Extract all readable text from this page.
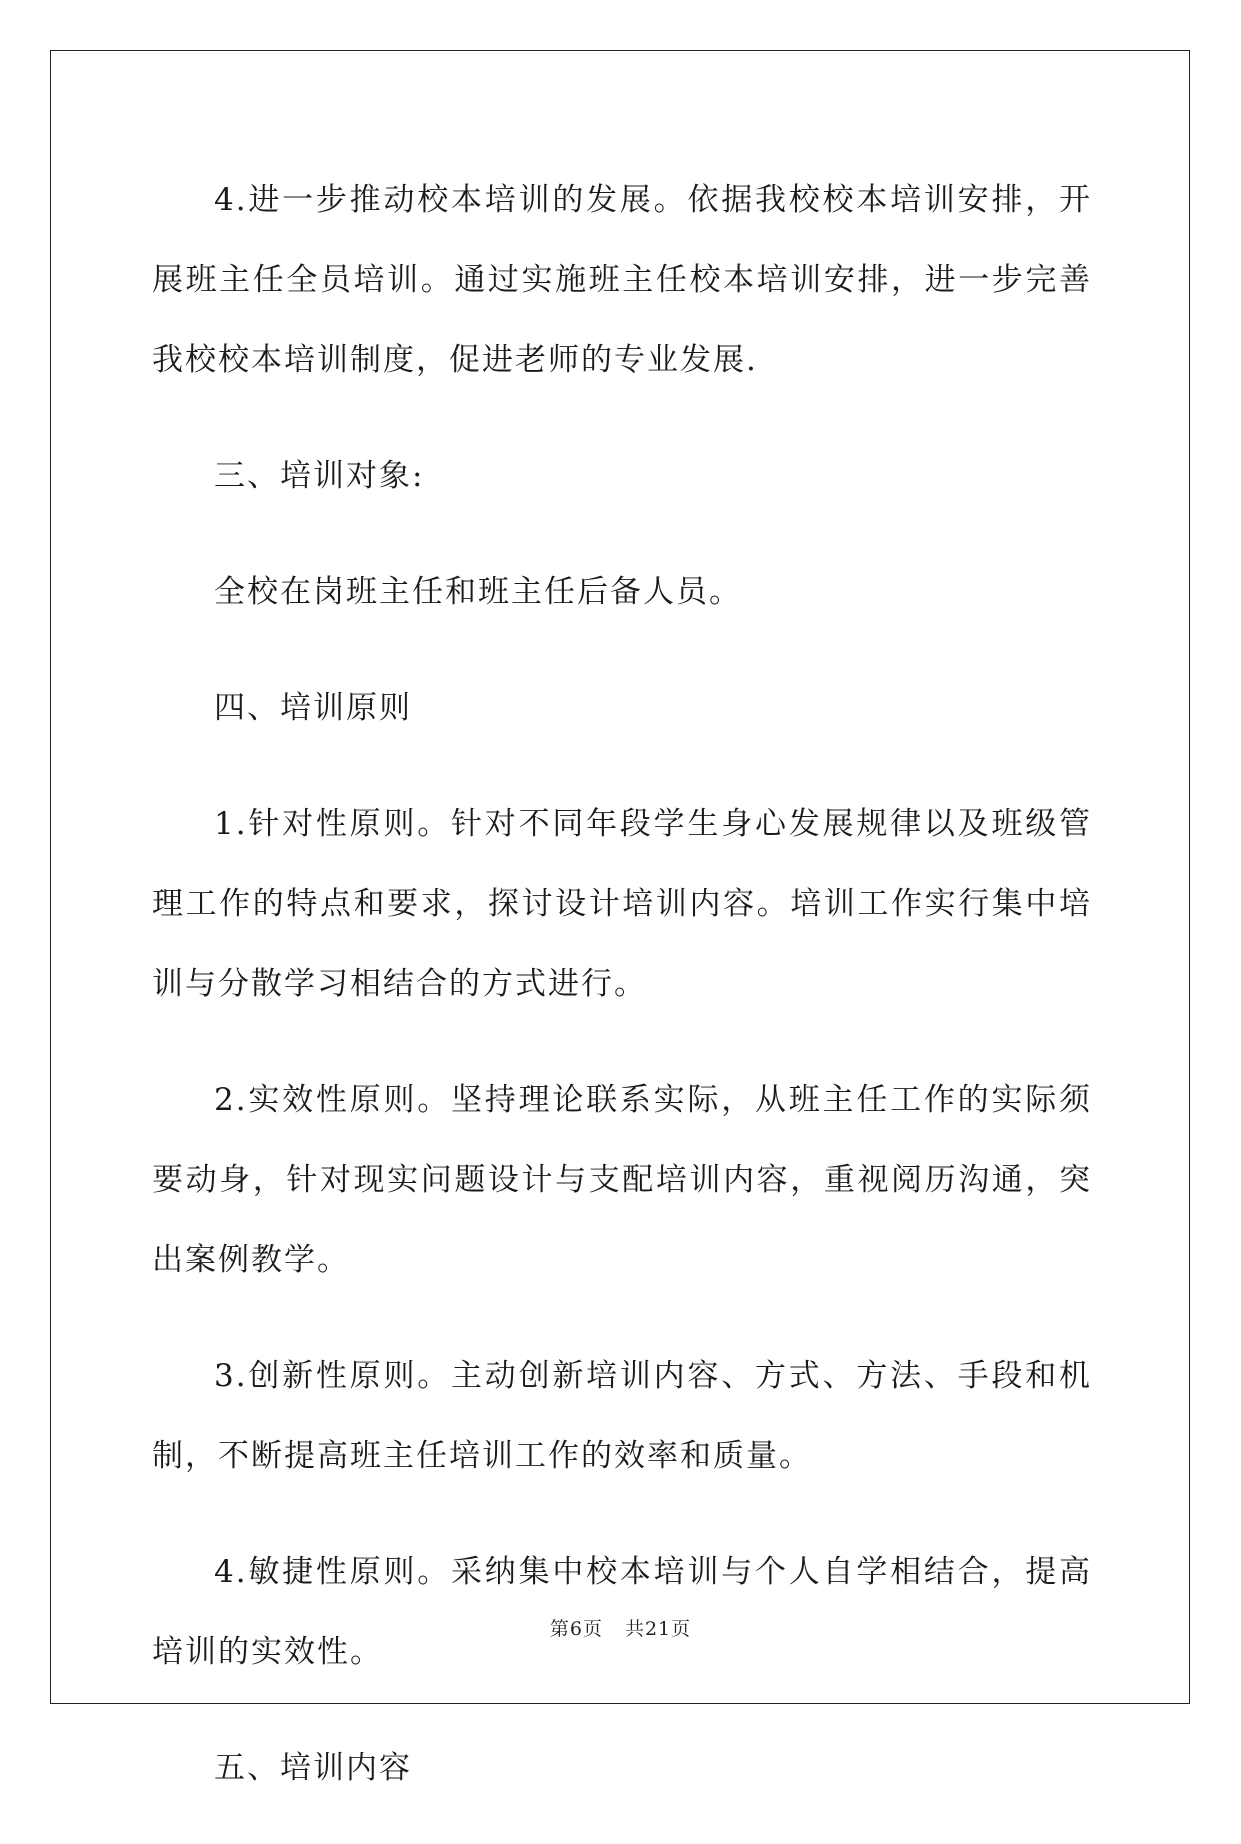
4.进一步推动校本培训的发展。依据我校校本培训安排，开展班主任全员培训。通过实施班主任校本培训安排，进一步完善我校校本培训制度，促进老师的专业发展.

三、培训对象:

全校在岗班主任和班主任后备人员。

四、培训原则

1.针对性原则。针对不同年段学生身心发展规律以及班级管理工作的特点和要求，探讨设计培训内容。培训工作实行集中培训与分散学习相结合的方式进行。

2.实效性原则。坚持理论联系实际，从班主任工作的实际须要动身，针对现实问题设计与支配培训内容，重视阅历沟通，突出案例教学。

3.创新性原则。主动创新培训内容、方式、方法、手段和机制，不断提高班主任培训工作的效率和质量。

4.敏捷性原则。采纳集中校本培训与个人自学相结合，提高培训的实效性。

五、培训内容

第6页 共21页
